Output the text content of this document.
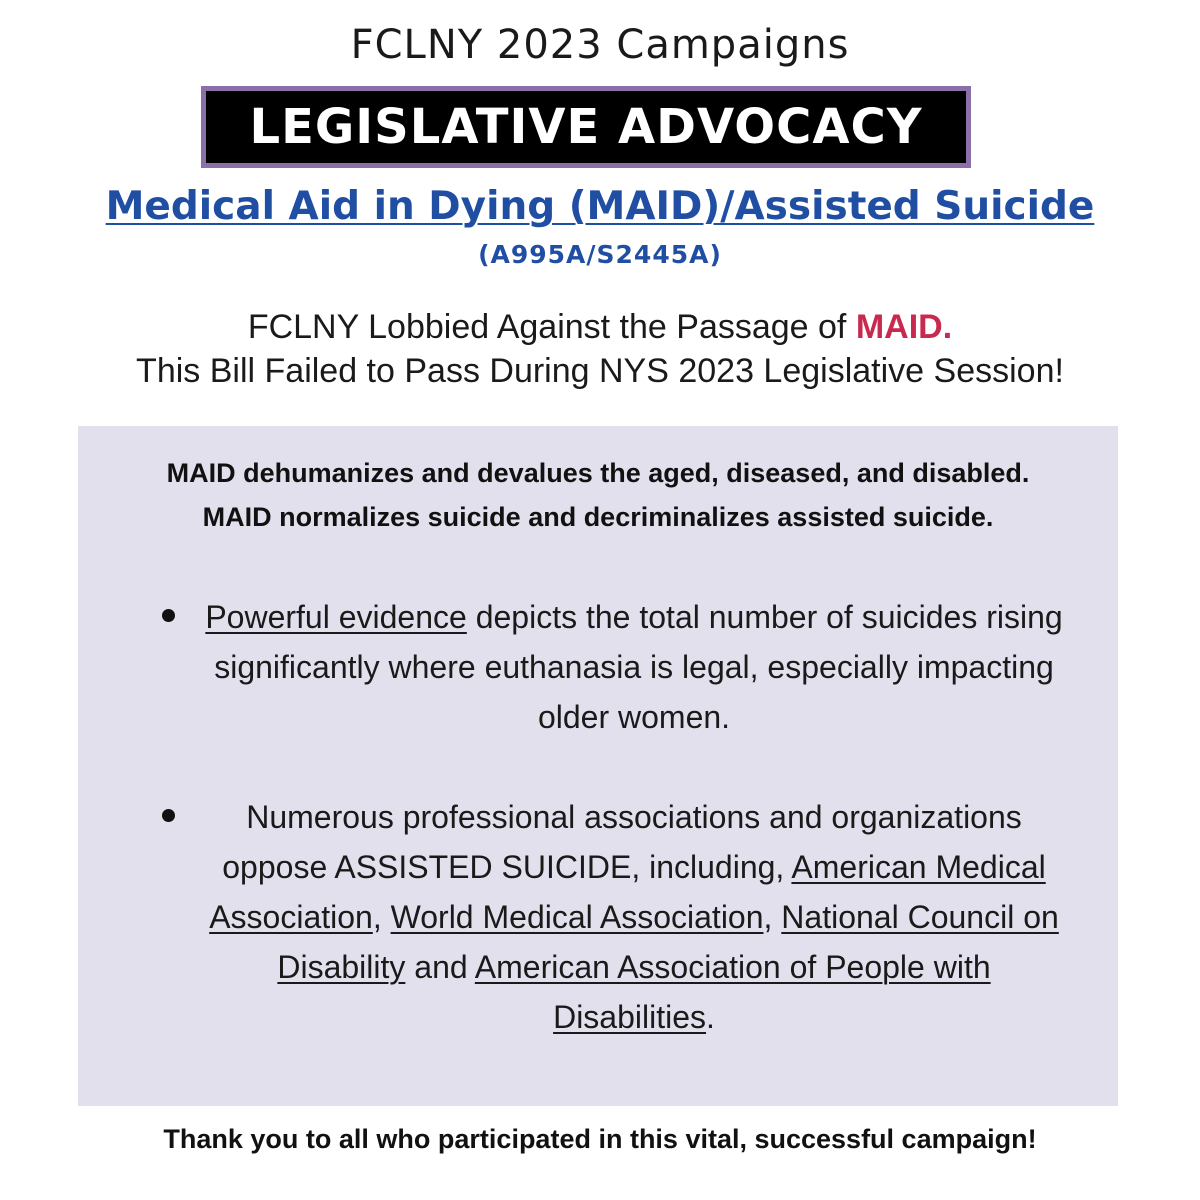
FCLNY 2023 Campaigns
LEGISLATIVE ADVOCACY
Medical Aid in Dying (MAID)/Assisted Suicide
(A995A/S2445A)
FCLNY Lobbied Against the Passage of MAID.
This Bill Failed to Pass During NYS 2023 Legislative Session!
MAID dehumanizes and devalues the aged, diseased, and disabled.
MAID normalizes suicide and decriminalizes assisted suicide.
Powerful evidence depicts the total number of suicides rising significantly where euthanasia is legal, especially impacting older women.
Numerous professional associations and organizations oppose ASSISTED SUICIDE, including, American Medical Association, World Medical Association, National Council on Disability and American Association of People with Disabilities.
Thank you to all who participated in this vital, successful campaign!
